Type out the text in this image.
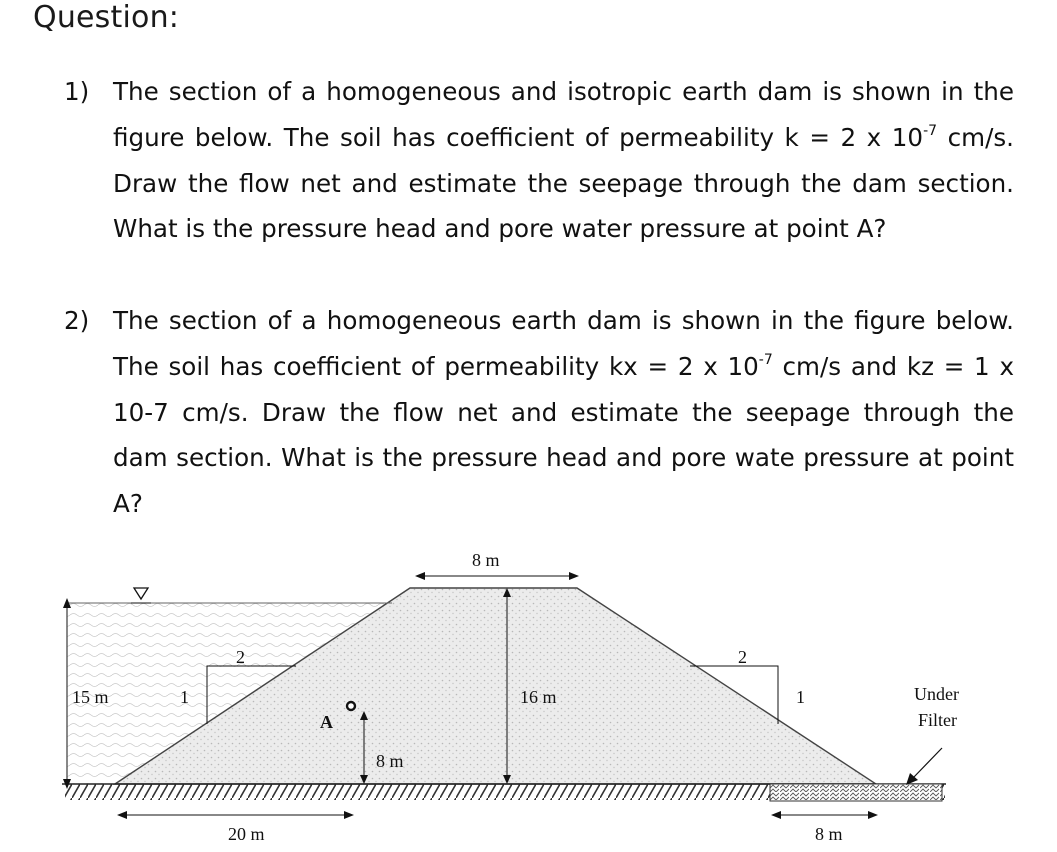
Question:
1) The section of a homogeneous and isotropic earth dam is shown in the figure below. The soil has coefficient of permeability k = 2 x $10^{-7}$ cm/s. Draw the flow net and estimate the seepage through the dam section. What is the pressure head and pore water pressure at point A?
2) The section of a homogeneous earth dam is shown in the figure below. The soil has coefficient of permeability kx = 2 x $10^{-7}$ cm/s and kz = 1 x 10-7 cm/s. Draw the flow net and estimate the seepage through the dam section. What is the pressure head and pore wate pressure at point A?
15 m
8 m
2
1
2
1
16 m
A
8 m
20 m	8 m
Under
Filter
